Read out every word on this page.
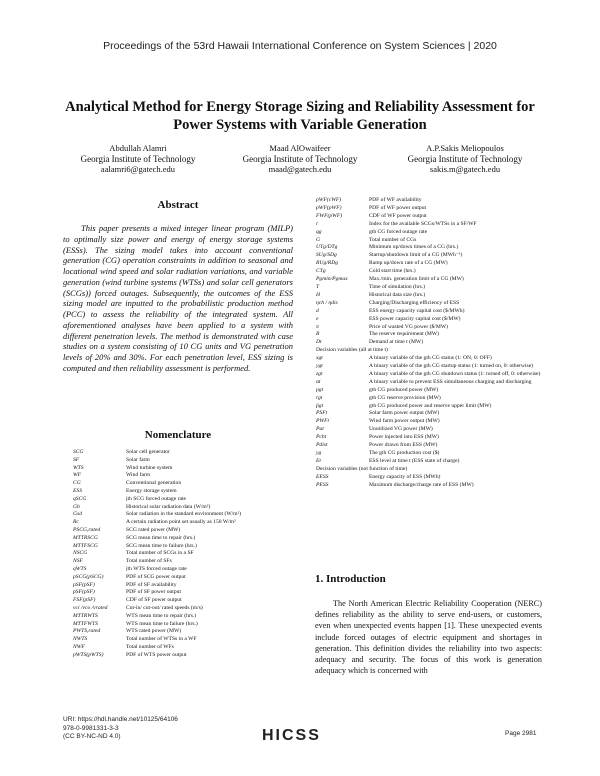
Proceedings of the 53rd Hawaii International Conference on System Sciences | 2020
Analytical Method for Energy Storage Sizing and Reliability Assessment for
Power Systems with Variable Generation
Abdullah Alamri
Georgia Institute of Technology
aalamri6@gatech.edu
Maad AlOwaifeer
Georgia Institute of Technology
maad@gatech.edu
A.P.Sakis Meliopoulos
Georgia Institute of Technology
sakis.m@gatech.edu
Abstract
This paper presents a mixed integer linear program (MILP) to optimally size power and energy of energy storage systems (ESSs). The sizing model takes into account conventional generation (CG) operation constraints in addition to seasonal and locational wind speed and solar radiation variations, and variable generation (wind turbine systems (WTSs) and solar cell generators (SCGs)) forced outages. Subsequently, the outcomes of the ESS sizing model are inputted to the probabilistic production method (PCC) to assess the reliability of the integrated system. All aforementioned analyses have been applied to a system with different penetration levels. The method is demonstrated with case studies on a system consisting of 10 CG units and VG penetration levels of 20% and 30%. For each penetration level, ESS sizing is computed and then reliability assessment is performed.
Nomenclature
SCG	Solar cell generator
SF	Solar farm
WTS	Wind turbine system
WF	Wind farm
CG	Conventional generation
ESS	Energy storage system
qSCG	jth SCG forced outage rate
Gh	Historical solar radiation data (W/m²)
Gsd	Solar radiation in the standard environment (W/m²)
Rc	A certain radiation point set usually as 150 W/m²
PSCG,rated	SCG rated power (MW)
MTTRSCG	SCG mean time to repair (hrs.)
MTTFSCG	SCG mean time to failure (hrs.)
NSCG	Total number of SCGs in a SF
NSF	Total number of SFs
qWTS	jth WTS forced outage rate
pSCG(pSCG)	PDF of SCG power output
pSF(pSF)	PDF of SF availability
pSF(pSF)	PDF of SF power output
FSF(pSF)	CDF of SF power output
vci /vco /vrated	Cut-in/ cut-out/ rated speeds (m/s)
MTTRWTS	WTS mean time to repair (hrs.)
MTTFWTS	WTS mean time to failure (hrs.)
PWTS,rated	WTS rated power (MW)
NWTS	Total number of WTSs in a WF
NWF	Total number of WFs
pWTS(pWTS)	PDF of WTS power output
pWF(cWF)	PDF of WF availability
pWF(pWF)	PDF of WF power output
FWF(pWF)	CDF of WF power output
r	Index for the available SCGs/WTSs in a SF/WF
qg	gth CG forced outage rate
G	Total number of CGs
UTg/DTg	Minimum up/down times of a CG (hrs.)
SUg/SDg	Startup/shutdown limit of a CG (MWh⁻¹)
RUg/RDg	Ramp up/down rate of a CG (MW)
CTg	Cold start time (hrs.)
Pgmin/Pgmax	Max./min. generation limit of a CG (MW)
T	Time of simulation (hrs.)
H	Historical data size (hrs.)
ηch / ηdis	Charging/Discharging efficiency of ESS
d	ESS energy capacity capital cost ($/MWh)
e	ESS power capacity capital cost ($/MW)
π	Price of wasted VG power ($/MW)
R	The reserve requirement (MW)
Dt	Demand at time t (MW)
Decision variables (all at time t)
xgt	A binary variable of the gth CG status (1: ON, 0: OFF)
ygt	A binary variable of the gth CG startup status (1: turned on, 0: otherwise)
zgt	A binary variable of the gth CG shutdown status (1: turned off, 0: otherwise)
αt	A binary variable to prevent ESS simultaneous charging and discharging
pgt	gth CG produced power (MW)
rgt	gth CG reserve provision (MW)
p̄gt	gth CG produced power and reserve upper limit (MW)
PSFt	Solar farm power output (MW)
PWFt	Wind farm power output (MW)
Put	Unutilized VG power (MW)
Pcht	Power injected into ESS (MW)
Pdist	Power drawn from ESS (MW)
yg	The gth CG production cost ($)
Et	ESS level at time t (ESS state of charge)
Decision variables (not function of time)
EESS	Energy capacity of ESS (MWh)
PESS	Maximum discharge/charge rate of ESS (MW)
1. Introduction
The North American Electric Reliability Cooperation (NERC) defines reliability as the ability to serve end-users, or customers, even when unexpected events happen [1]. These unexpected events include forced outages of electric equipment and shortages in generation. This definition divides the reliability into two aspects: adequacy and security. The focus of this work is generation adequacy which is concerned with
URI: https://hdl.handle.net/10125/64106
978-0-9981331-3-3
(CC BY-NC-ND 4.0)	HICSS	Page 2981
